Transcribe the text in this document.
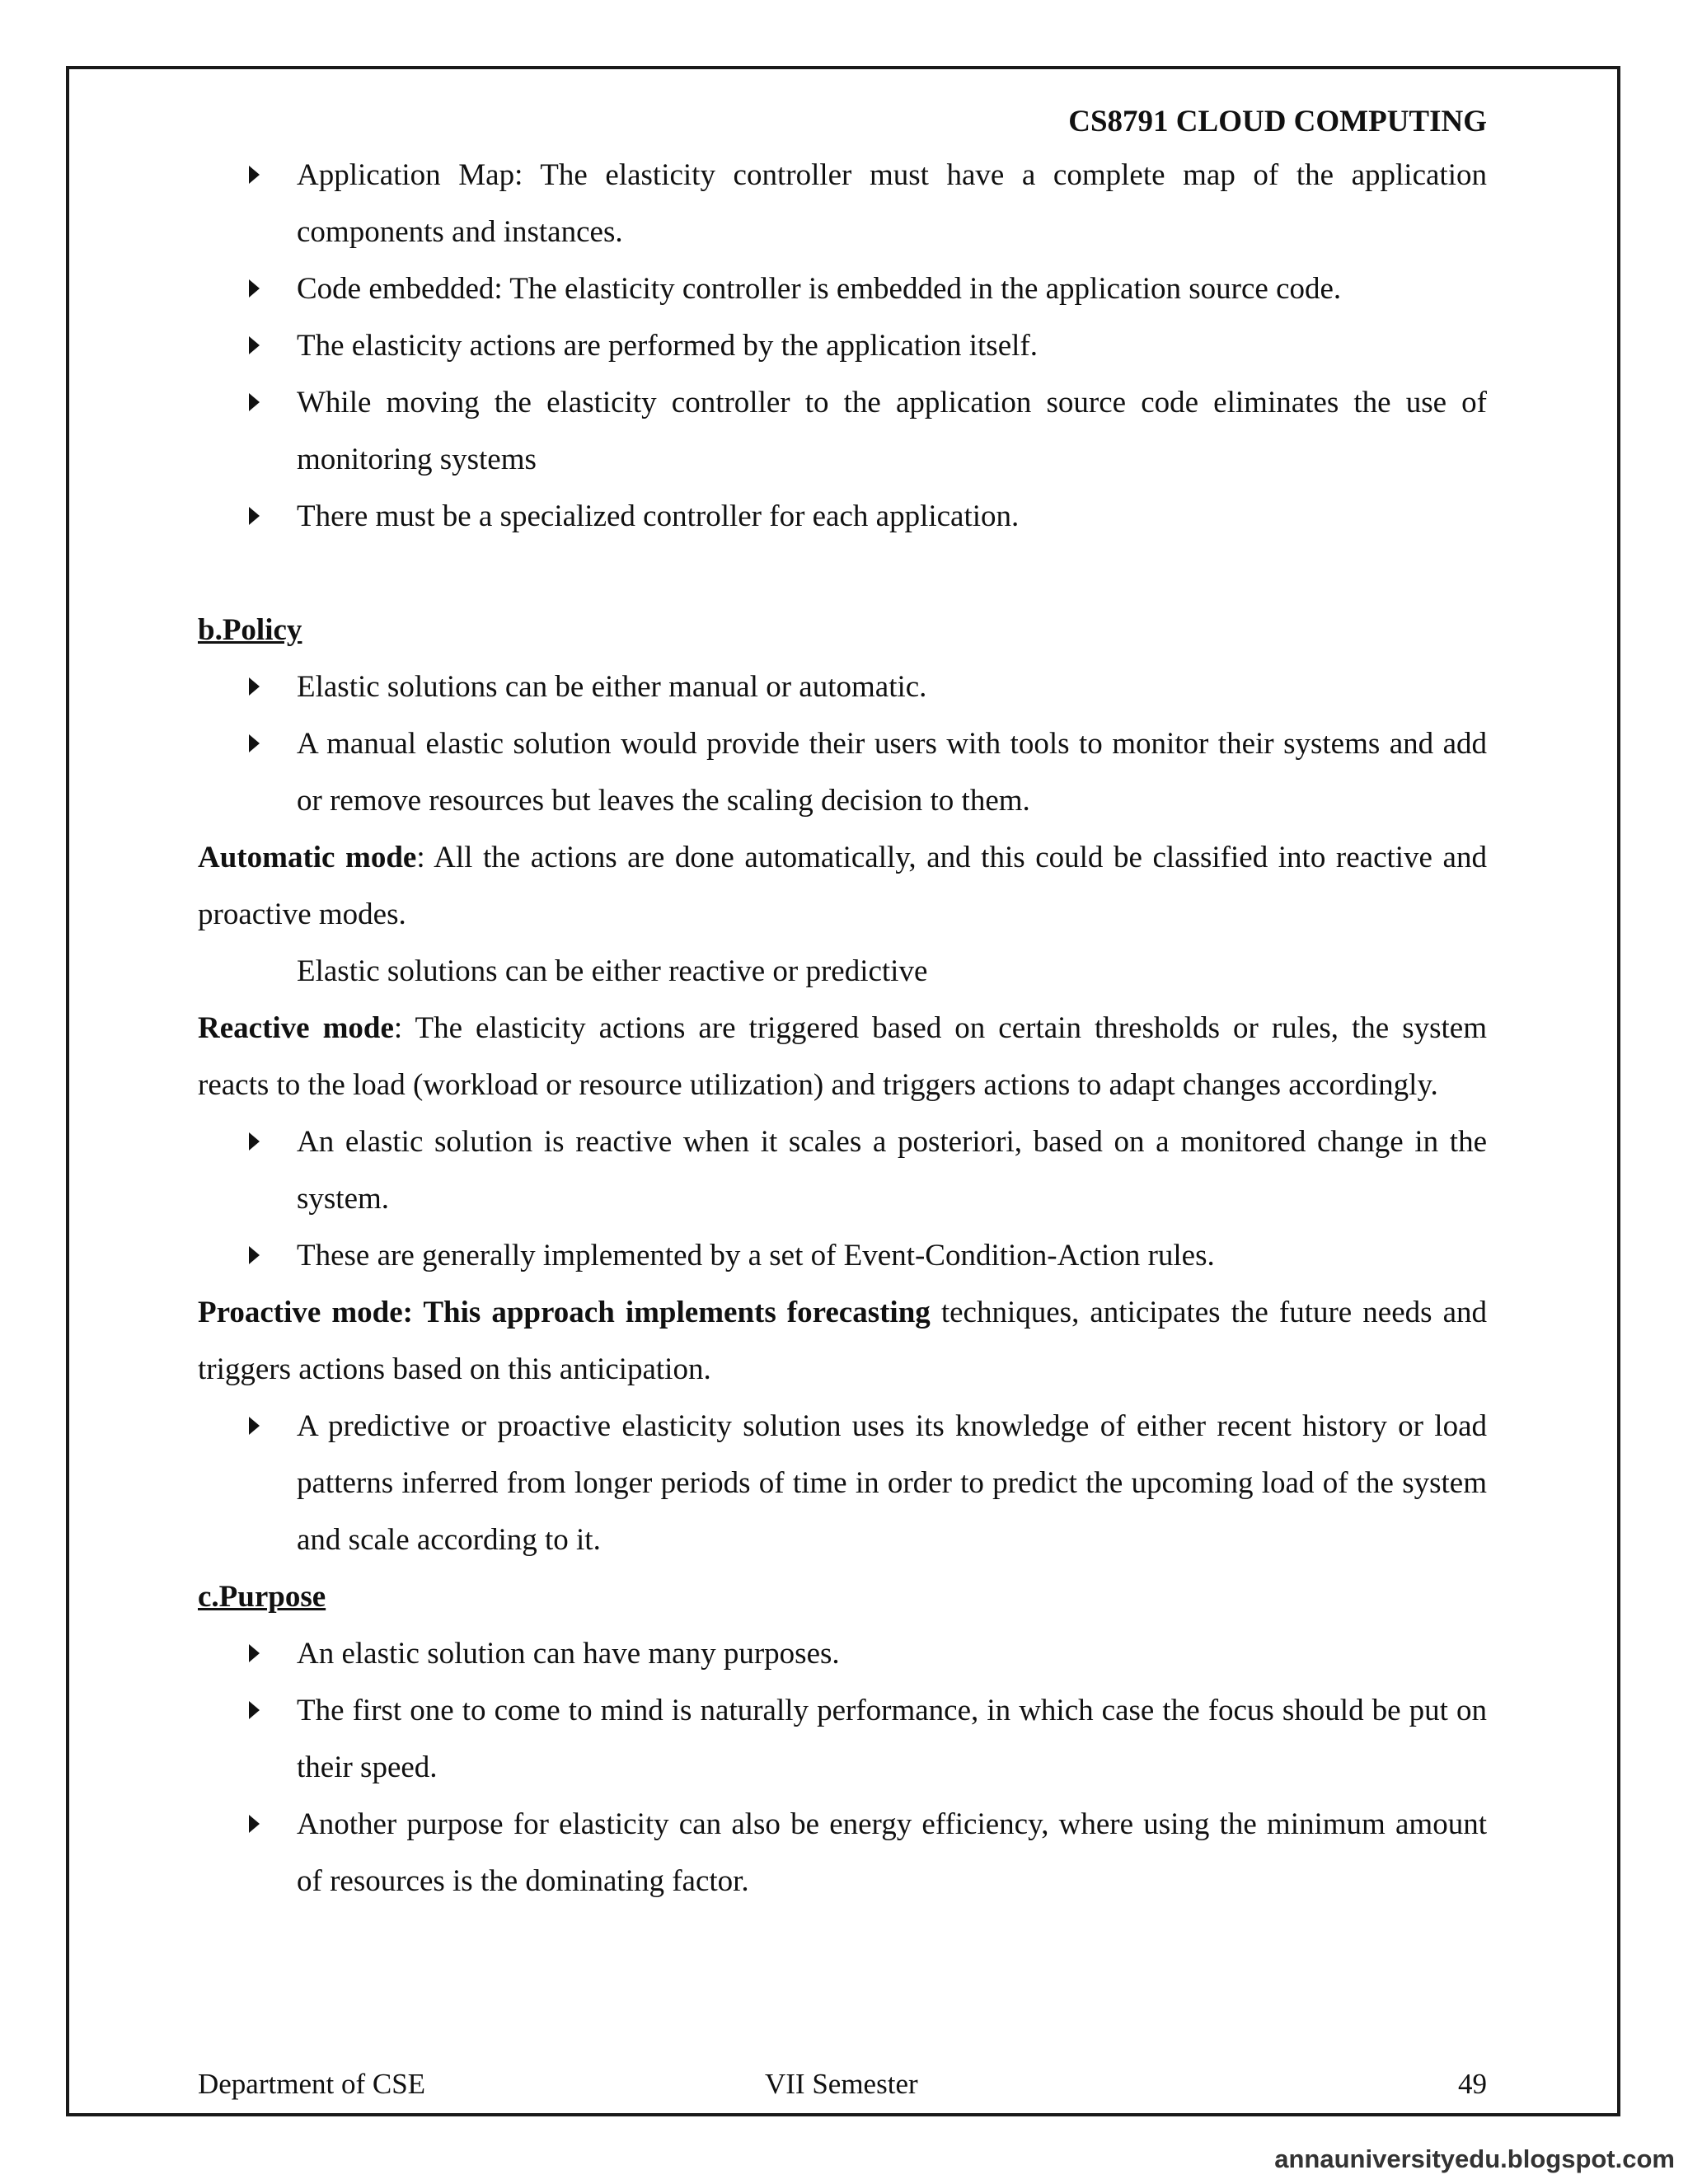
CS8791 CLOUD COMPUTING
Application Map: The elasticity controller must have a complete map of the application components and instances.
Code embedded: The elasticity controller is embedded in the application source code.
The elasticity actions are performed by the application itself.
While moving the elasticity controller to the application source code eliminates the use of monitoring systems
There must be a specialized controller for each application.
b.Policy
Elastic solutions can be either manual or automatic.
A manual elastic solution would provide their users with tools to monitor their systems and add or remove resources but leaves the scaling decision to them.
Automatic mode: All the actions are done automatically, and this could be classified into reactive and proactive modes.
Elastic solutions can be either reactive or predictive
Reactive mode: The elasticity actions are triggered based on certain thresholds or rules, the system reacts to the load (workload or resource utilization) and triggers actions to adapt changes accordingly.
An elastic solution is reactive when it scales a posteriori, based on a monitored change in the system.
These are generally implemented by a set of Event-Condition-Action rules.
Proactive mode: This approach implements forecasting techniques, anticipates the future needs and triggers actions based on this anticipation.
A predictive or proactive elasticity solution uses its knowledge of either recent history or load patterns inferred from longer periods of time in order to predict the upcoming load of the system and scale according to it.
c.Purpose
An elastic solution can have many purposes.
The first one to come to mind is naturally performance, in which case the focus should be put on their speed.
Another purpose for elasticity can also be energy efficiency, where using the minimum amount of resources is the dominating factor.
Department of CSE	VII Semester	49
annauniversityedu.blogspot.com
